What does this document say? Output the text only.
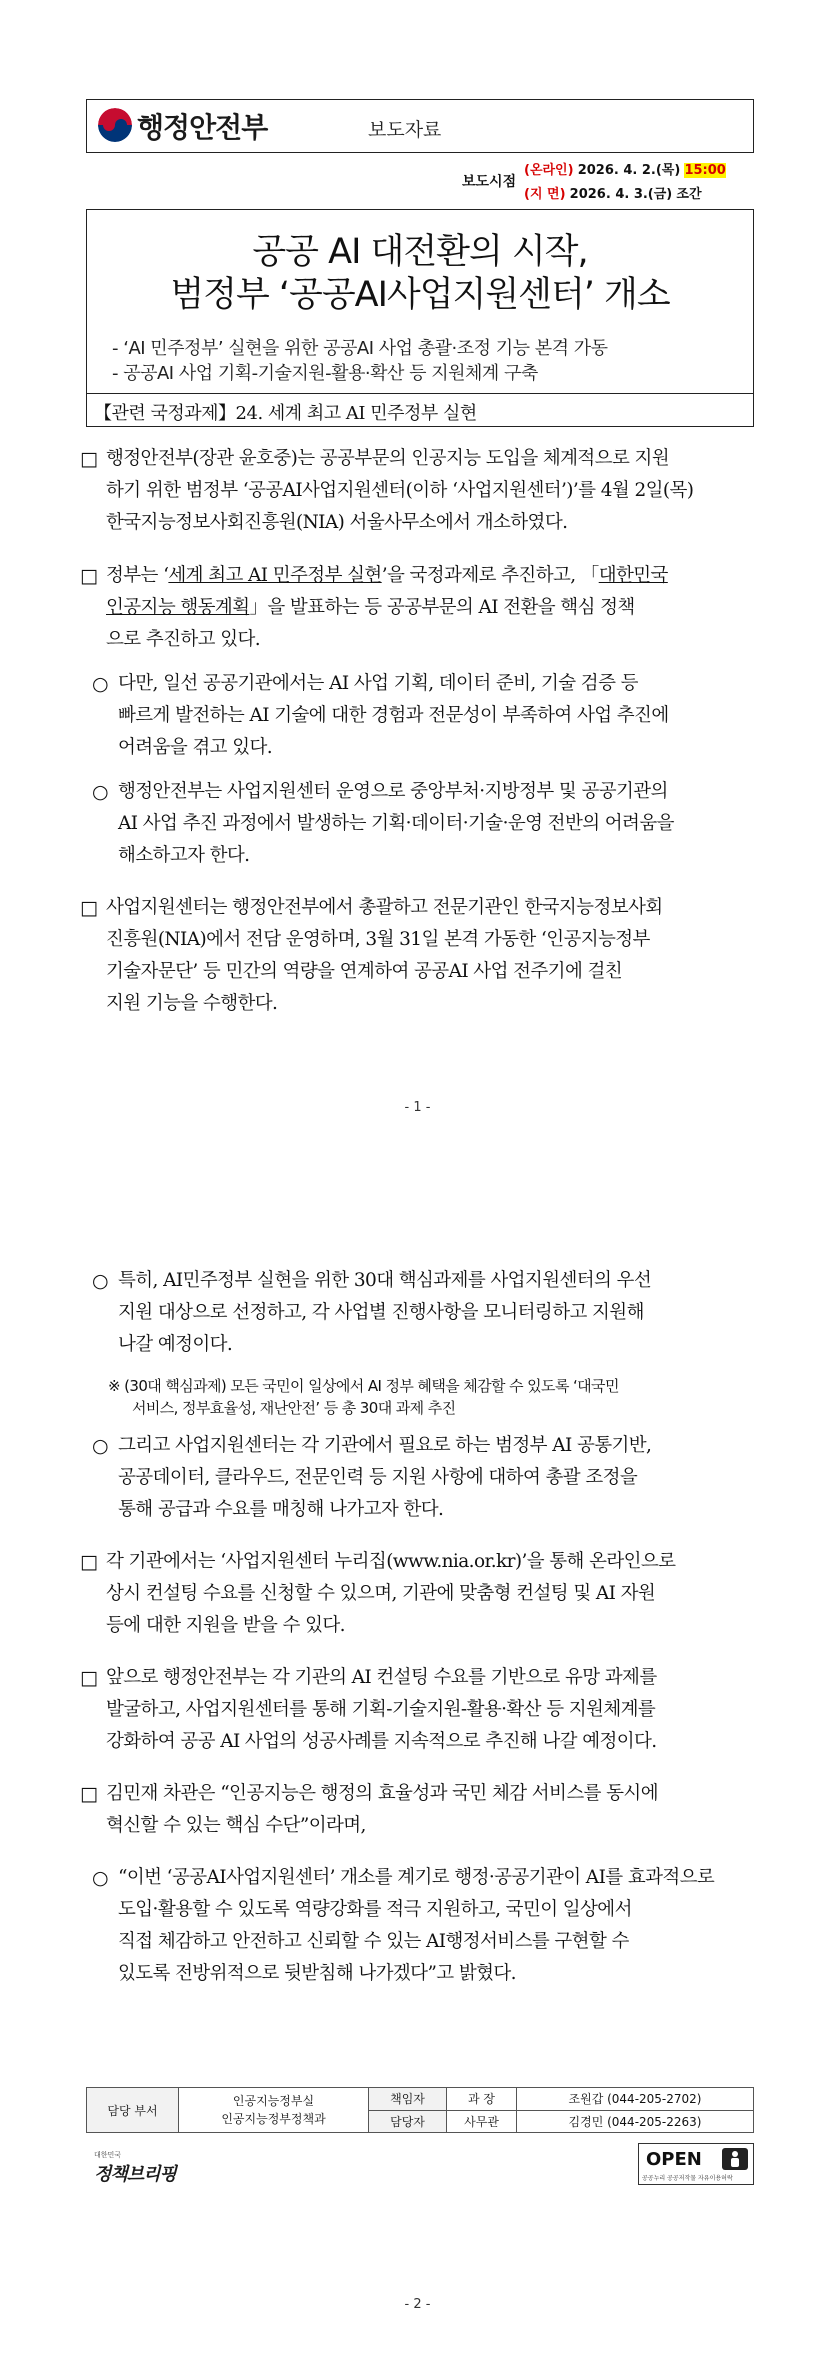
행정안전부	보도자료
보도시점
(온라인) 2026. 4. 2.(목) 15:00
(지 면) 2026. 4. 3.(금) 조간
공공 AI 대전환의 시작,
범정부 ‘공공AI사업지원센터’ 개소
- ‘AI 민주정부’ 실현을 위한 공공AI 사업 총괄·조정 기능 본격 가동
- 공공AI 사업 기획-기술지원-활용·확산 등 지원체계 구축
【관련 국정과제】24. 세계 최고 AI 민주정부 실현
□ 행정안전부(장관 윤호중)는 공공부문의 인공지능 도입을 체계적으로 지원
하기 위한 범정부 ‘공공AI사업지원센터(이하 ‘사업지원센터’)’를 4월 2일(목)
한국지능정보사회진흥원(NIA) 서울사무소에서 개소하였다.
□ 정부는 ‘세계 최고 AI 민주정부 실현’을 국정과제로 추진하고, 「대한민국
인공지능 행동계획」을 발표하는 등 공공부문의 AI 전환을 핵심 정책
으로 추진하고 있다.
○ 다만, 일선 공공기관에서는 AI 사업 기획, 데이터 준비, 기술 검증 등
빠르게 발전하는 AI 기술에 대한 경험과 전문성이 부족하여 사업 추진에
어려움을 겪고 있다.
○ 행정안전부는 사업지원센터 운영으로 중앙부처·지방정부 및 공공기관의
AI 사업 추진 과정에서 발생하는 기획·데이터·기술·운영 전반의 어려움을
해소하고자 한다.
□ 사업지원센터는 행정안전부에서 총괄하고 전문기관인 한국지능정보사회
진흥원(NIA)에서 전담 운영하며, 3월 31일 본격 가동한 ‘인공지능정부
기술자문단’ 등 민간의 역량을 연계하여 공공AI 사업 전주기에 걸친
지원 기능을 수행한다.
- 1 -
○ 특히, AI민주정부 실현을 위한 30대 핵심과제를 사업지원센터의 우선
지원 대상으로 선정하고, 각 사업별 진행사항을 모니터링하고 지원해
나갈 예정이다.
※ (30대 핵심과제) 모든 국민이 일상에서 AI 정부 혜택을 체감할 수 있도록 ‘대국민
서비스, 정부효율성, 재난안전’ 등 총 30대 과제 추진
○ 그리고 사업지원센터는 각 기관에서 필요로 하는 범정부 AI 공통기반,
공공데이터, 클라우드, 전문인력 등 지원 사항에 대하여 총괄 조정을
통해 공급과 수요를 매칭해 나가고자 한다.
□ 각 기관에서는 ‘사업지원센터 누리집(www.nia.or.kr)’을 통해 온라인으로
상시 컨설팅 수요를 신청할 수 있으며, 기관에 맞춤형 컨설팅 및 AI 자원
등에 대한 지원을 받을 수 있다.
□ 앞으로 행정안전부는 각 기관의 AI 컨설팅 수요를 기반으로 유망 과제를
발굴하고, 사업지원센터를 통해 기획-기술지원-활용·확산 등 지원체계를
강화하여 공공 AI 사업의 성공사례를 지속적으로 추진해 나갈 예정이다.
□ 김민재 차관은 “인공지능은 행정의 효율성과 국민 체감 서비스를 동시에
혁신할 수 있는 핵심 수단”이라며,
○ “이번 ‘공공AI사업지원센터’ 개소를 계기로 행정·공공기관이 AI를 효과적으로
도입·활용할 수 있도록 역량강화를 적극 지원하고, 국민이 일상에서
직접 체감하고 안전하고 신뢰할 수 있는 AI행정서비스를 구현할 수
있도록 전방위적으로 뒷받침해 나가겠다”고 밝혔다.
담당 부서	인공지능정부실
인공지능정부정책과	책임자	과 장	조원갑 (044-205-2702)
		담당자	사무관	김경민 (044-205-2263)
대한민국
정책브리핑
OPEN
공공누리 공공저작물 자유이용허락
- 2 -
